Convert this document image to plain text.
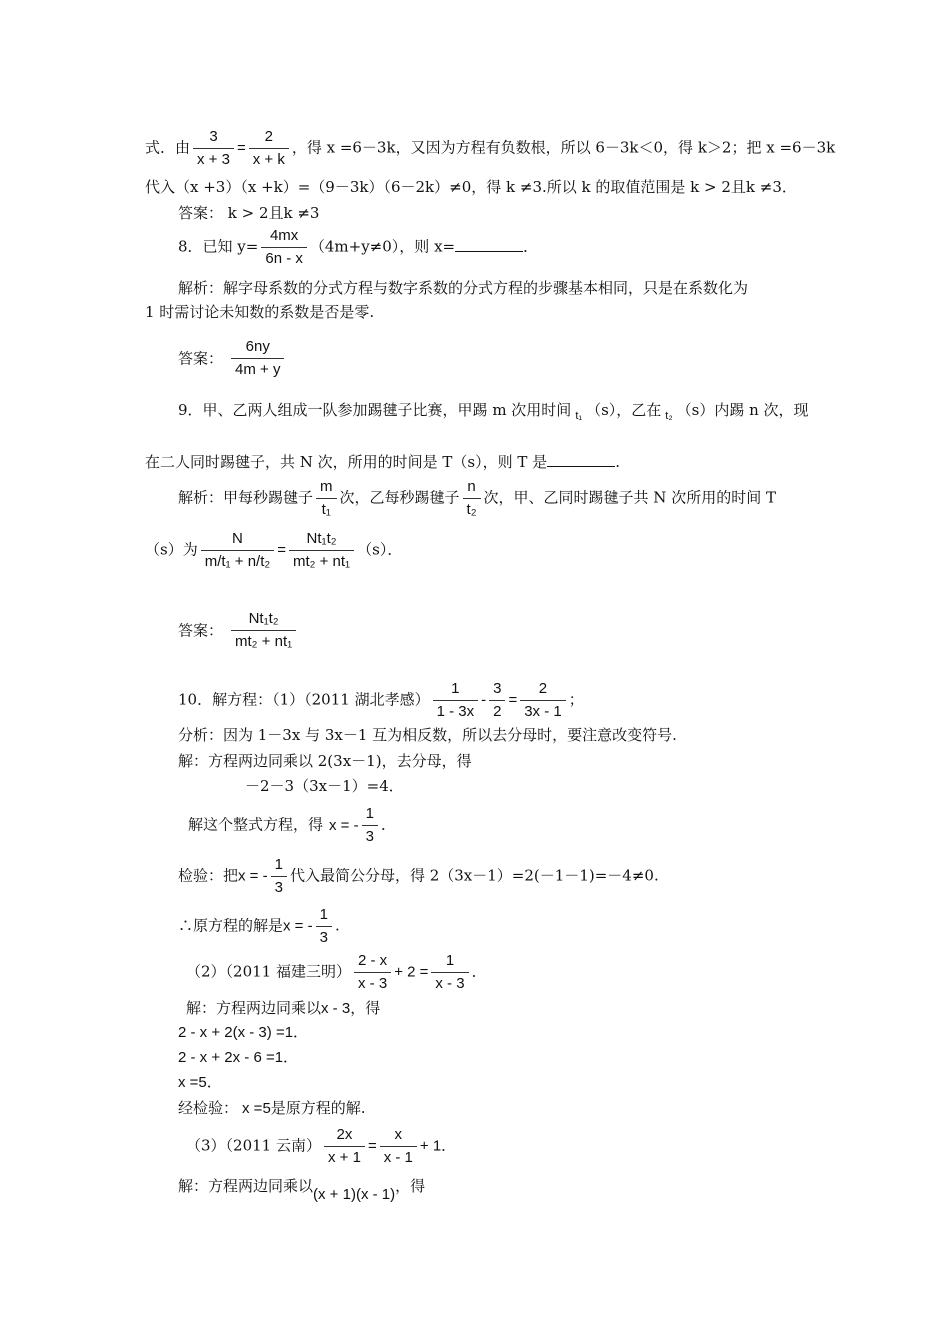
式．由 $\frac{3}{x + 3} = \frac{2}{x + k}$ ，得 x =6－3k，又因为方程有负数根，所以 6－3k＜0，得 k＞2；把 x =6－3k
代入（x +3）（x +k）=（9－3k）（6－2k）≠0，得 k ≠3.所以 k 的取值范围是 k > 2且k ≠3．
答案： k > 2且k ≠3
8．已知 $y= \frac{4mx}{6n - x} (4m+y\ne 0)$，则 x=	．
解析：解字母系数的分式方程与数字系数的分式方程的步骤基本相同，只是在系数化为
1 时需讨论未知数的系数是否是零.
答案： $\frac{6ny}{4m + y}$
9．甲、乙两人组成一队参加踢毽子比赛，甲踢 m 次用时间 $_{t_1}$ （s），乙在 $_{t_2}$ （s）内踢 n 次，现
在二人同时踢毽子，共 N 次，所用的时间是 T（s），则 T 是	.
解析：甲每秒踢毽子 $\frac{m}{\text{t₁}}$ 次，乙每秒踢毽子 $\frac{n}{\text{t₂}}$ 次，甲、乙同时踢毽子共 N 次所用的时间 T
（s）为 $\frac{N}{\text{m/t₁ + n/t₂}} = \frac{\text{Nt₁t₂}}{\text{mt₂ + nt₁}} (s)$．
答案： $\frac{\text{Nt₁t₂}}{\text{mt₂ + nt₁}}$
10．解方程：（1）（2011 湖北孝感） $\frac{1}{1 - 3x} - \frac{3}{2} = \frac{2}{3x - 1}$ ；
分析：因为 1－3x 与 3x－1 互为相反数，所以去分母时，要注意改变符号.
解：方程两边同乘以 2(3x－1)，去分母，得
－2－3（3x－1）=4．
解这个整式方程，得 x = - $\frac{1}{3}$ ．
检验：把x = - $\frac{1}{3}$ 代入最简公分母，得 2（3x－1）=2(－1－1)=－4≠0.
∴原方程的解是x = - $\frac{1}{3}$ .
（2）（2011 福建三明） $\frac{2 - x}{x - 3} + 2 = \frac{1}{x - 3}$ ．
解：方程两边同乘以x - 3，得
2 - x + 2(x - 3) =1．
2 - x + 2x - 6 =1．
x =5．
经检验： x =5是原方程的解.
（3）（2011 云南） $\frac{2x}{x + 1} = \frac{x}{x - 1} + 1$．
解：方程两边同乘以(x + 1)(x - 1)，得
